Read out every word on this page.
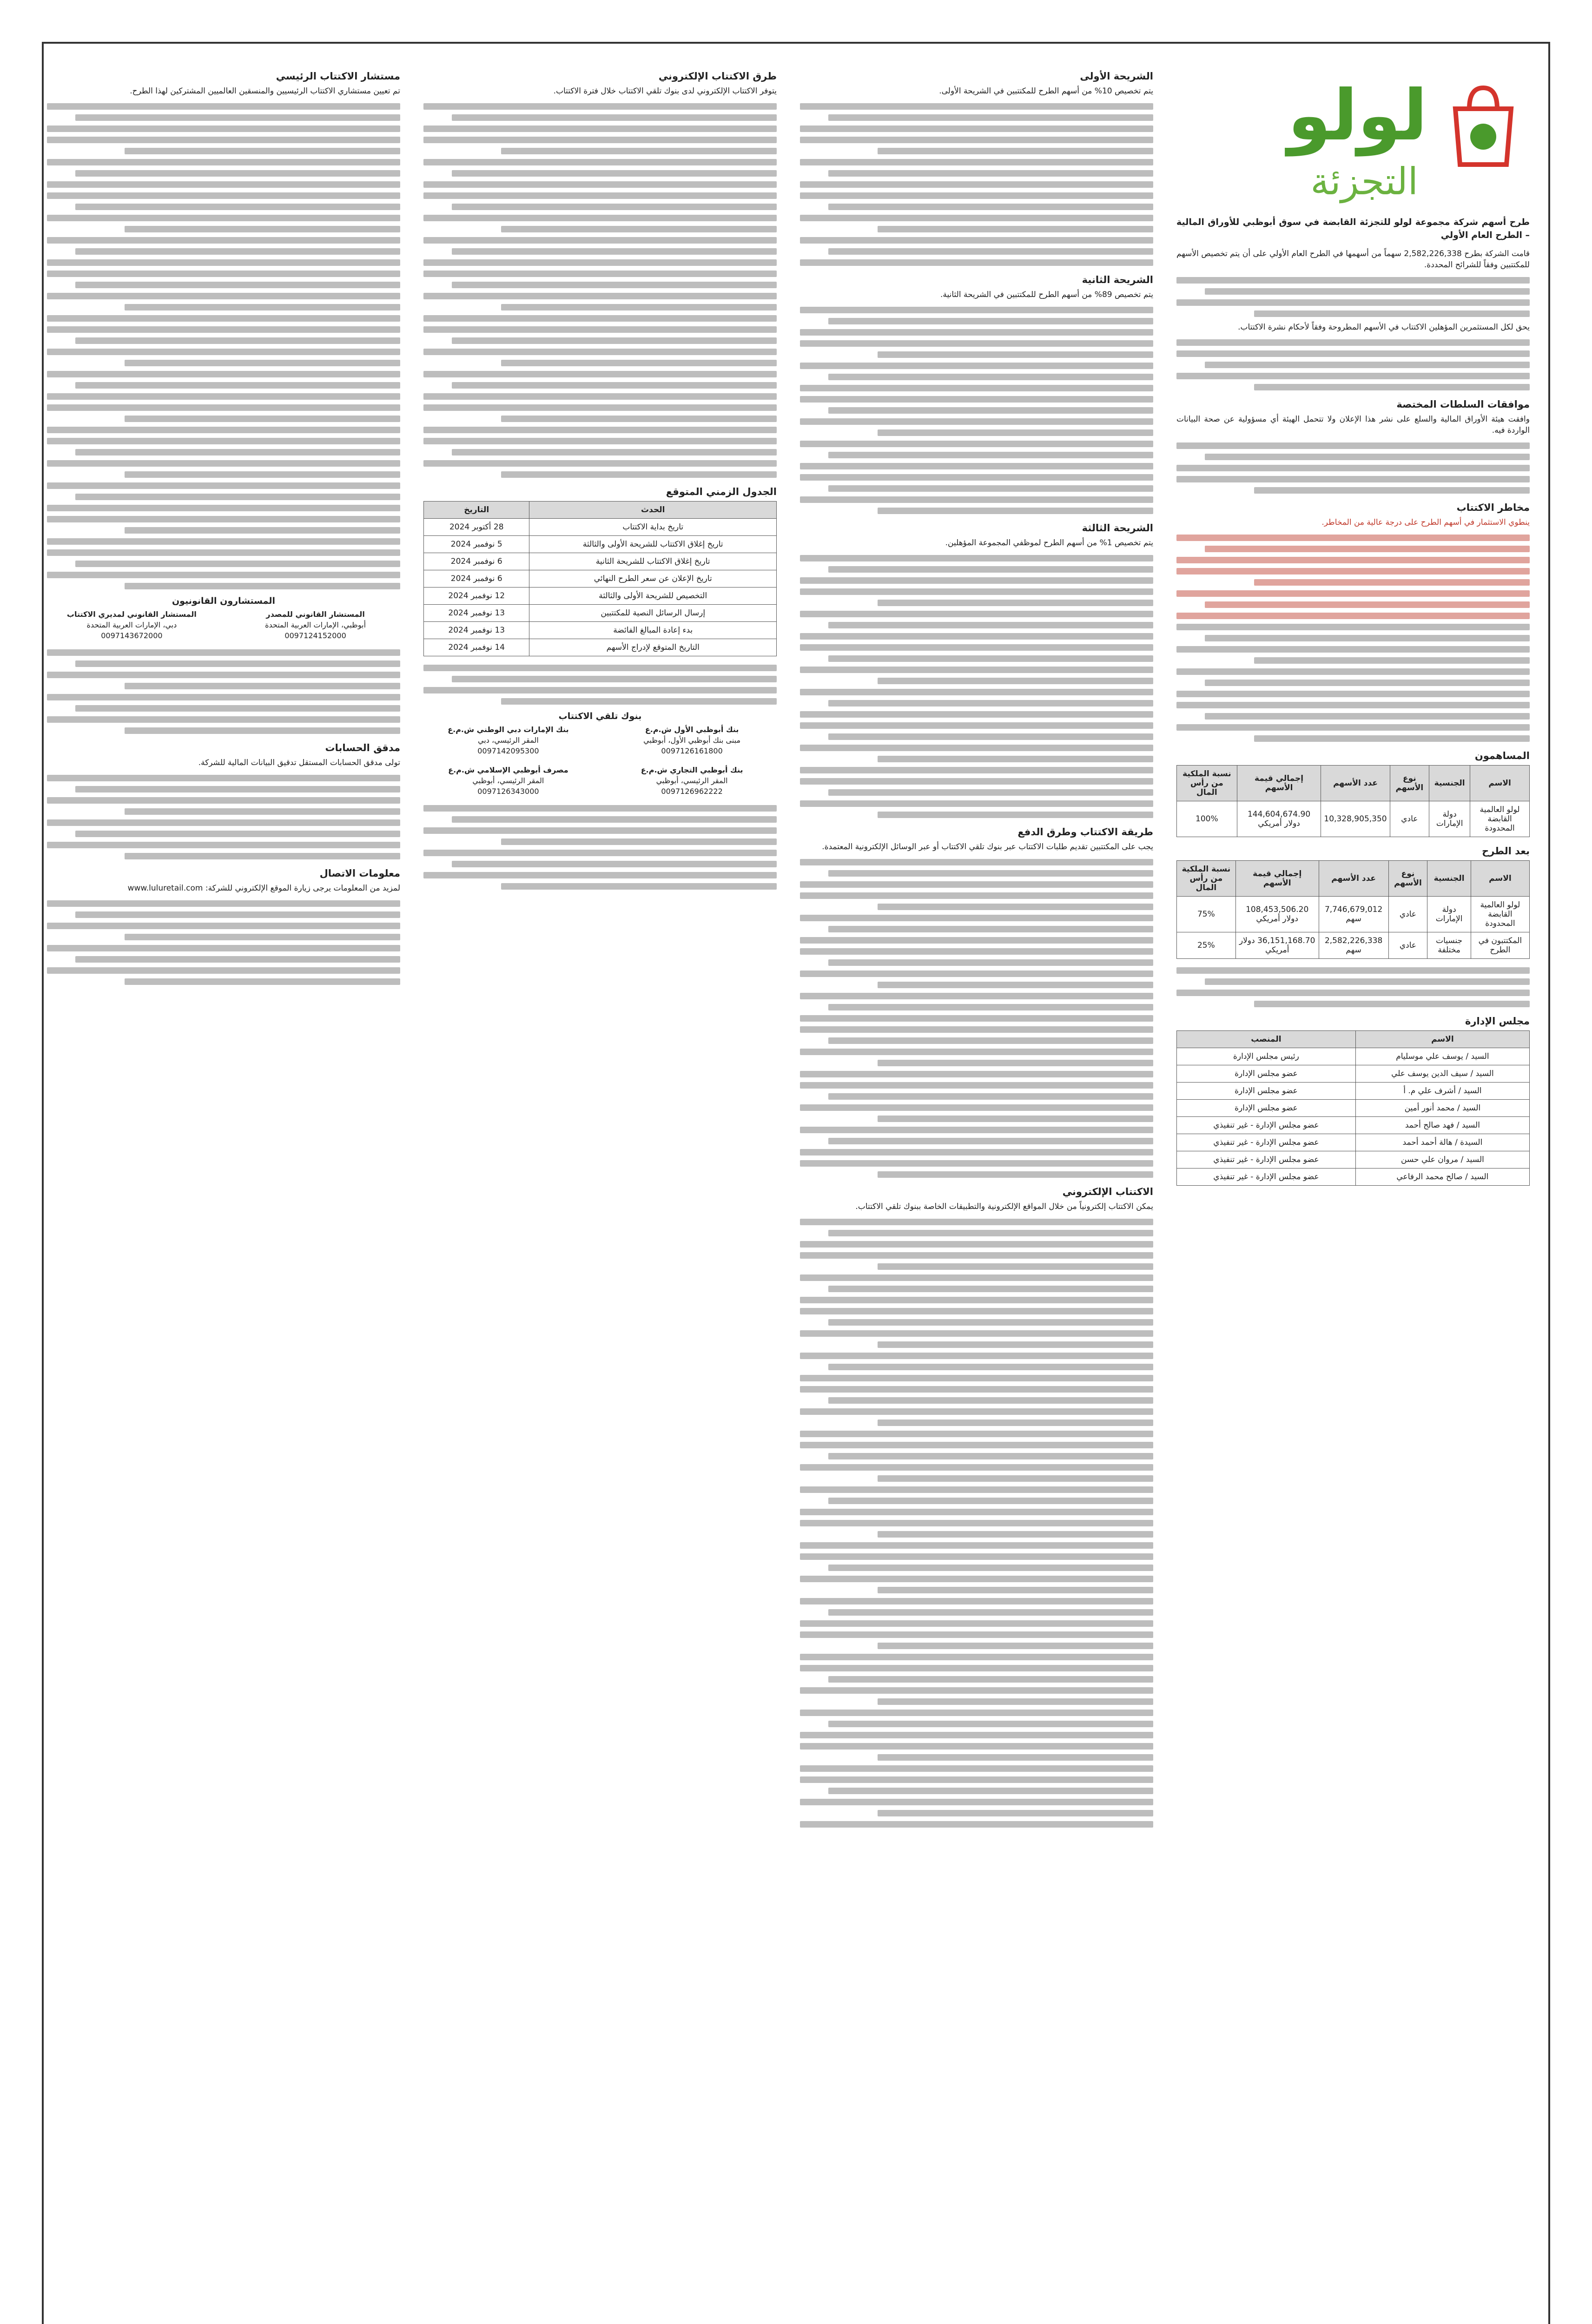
لولو
التجزئة

طرح أسهم شركة مجموعة لولو للتجزئة القابضة في سوق أبوظبي للأوراق المالية – الطرح العام الأولي

قامت الشركة بطرح 2,582,226,338 سهماً من أسهمها في الطرح العام الأولي على أن يتم تخصيص الأسهم للمكتتبين وفقاً للشرائح المحددة.

يحق لكل المستثمرين المؤهلين الاكتتاب في الأسهم المطروحة وفقاً لأحكام نشرة الاكتتاب.

موافقات السلطات المختصة

وافقت هيئة الأوراق المالية والسلع على نشر هذا الإعلان ولا تتحمل الهيئة أي مسؤولية عن صحة البيانات الواردة فيه.

مخاطر الاكتتاب

ينطوي الاستثمار في أسهم الطرح على درجة عالية من المخاطر.

المساهمون
الاسم	الجنسية	نوع الأسهم	عدد الأسهم	إجمالي قيمة الأسهم	نسبة الملكية من رأس المال
لولو العالمية القابضة المحدودة	دولة الإمارات	عادي	10,328,905,350	144,604,674.90 دولار أمريكي	100%
بعد الطرح
الاسم	الجنسية	نوع الأسهم	عدد الأسهم	إجمالي قيمة الأسهم	نسبة الملكية من رأس المال
لولو العالمية القابضة المحدودة	دولة الإمارات	عادي	7,746,679,012 سهم	108,453,506.20 دولار أمريكي	75%
المكتتبون في الطرح	جنسيات مختلفة	عادي	2,582,226,338 سهم	36,151,168.70 دولار أمريكي	25%
مجلس الإدارة
الاسم	المنصب
السيد / يوسف علي موسليام	رئيس مجلس الإدارة
السيد / سيف الدين يوسف علي	عضو مجلس الإدارة
السيد / أشرف علي م. أ	عضو مجلس الإدارة
السيد / محمد أنور أمين	عضو مجلس الإدارة
السيد / فهد صالح أحمد	عضو مجلس الإدارة - غير تنفيذي
السيدة / هالة أحمد أحمد	عضو مجلس الإدارة - غير تنفيذي
السيد / مروان علي حسن	عضو مجلس الإدارة - غير تنفيذي
السيد / صالح محمد الرفاعي	عضو مجلس الإدارة - غير تنفيذي
الشريحة الأولى

يتم تخصيص 10% من أسهم الطرح للمكتتبين في الشريحة الأولى.

الشريحة الثانية

يتم تخصيص 89% من أسهم الطرح للمكتتبين في الشريحة الثانية.

الشريحة الثالثة

يتم تخصيص 1% من أسهم الطرح لموظفي المجموعة المؤهلين.

طريقة الاكتتاب وطرق الدفع

يجب على المكتتبين تقديم طلبات الاكتتاب عبر بنوك تلقي الاكتتاب أو عبر الوسائل الإلكترونية المعتمدة.

الاكتتاب الإلكتروني

يمكن الاكتتاب إلكترونياً من خلال المواقع الإلكترونية والتطبيقات الخاصة ببنوك تلقي الاكتتاب.

طرق الاكتتاب الإلكتروني

يتوفر الاكتتاب الإلكتروني لدى بنوك تلقي الاكتتاب خلال فترة الاكتتاب.

الجدول الزمني المتوقع
الحدث	التاريخ
تاريخ بداية الاكتتاب	28 أكتوبر 2024
تاريخ إغلاق الاكتتاب للشريحة الأولى والثالثة	5 نوفمبر 2024
تاريخ إغلاق الاكتتاب للشريحة الثانية	6 نوفمبر 2024
تاريخ الإعلان عن سعر الطرح النهائي	6 نوفمبر 2024
التخصيص للشريحة الأولى والثالثة	12 نوفمبر 2024
إرسال الرسائل النصية للمكتتبين	13 نوفمبر 2024
بدء إعادة المبالغ الفائضة	13 نوفمبر 2024
التاريخ المتوقع لإدراج الأسهم	14 نوفمبر 2024
بنوك تلقي الاكتتاب
بنك أبوظبي الأول ش.م.ع
مبنى بنك أبوظبي الأول، أبوظبي
0097126161800
بنك الإمارات دبي الوطني ش.م.ع
المقر الرئيسي، دبي
0097142095300
بنك أبوظبي التجاري ش.م.ع
المقر الرئيسي، أبوظبي
0097126962222
مصرف أبوظبي الإسلامي ش.م.ع
المقر الرئيسي، أبوظبي
0097126343000
مستشار الاكتتاب الرئيسي

تم تعيين مستشاري الاكتتاب الرئيسيين والمنسقين العالميين المشتركين لهذا الطرح.

المستشارون القانونيون
المستشار القانوني للمصدر
أبوظبي، الإمارات العربية المتحدة
0097124152000
المستشار القانوني لمديري الاكتتاب
دبي، الإمارات العربية المتحدة
0097143672000
مدقق الحسابات

تولى مدقق الحسابات المستقل تدقيق البيانات المالية للشركة.

معلومات الاتصال

لمزيد من المعلومات يرجى زيارة الموقع الإلكتروني للشركة: www.luluretail.com
